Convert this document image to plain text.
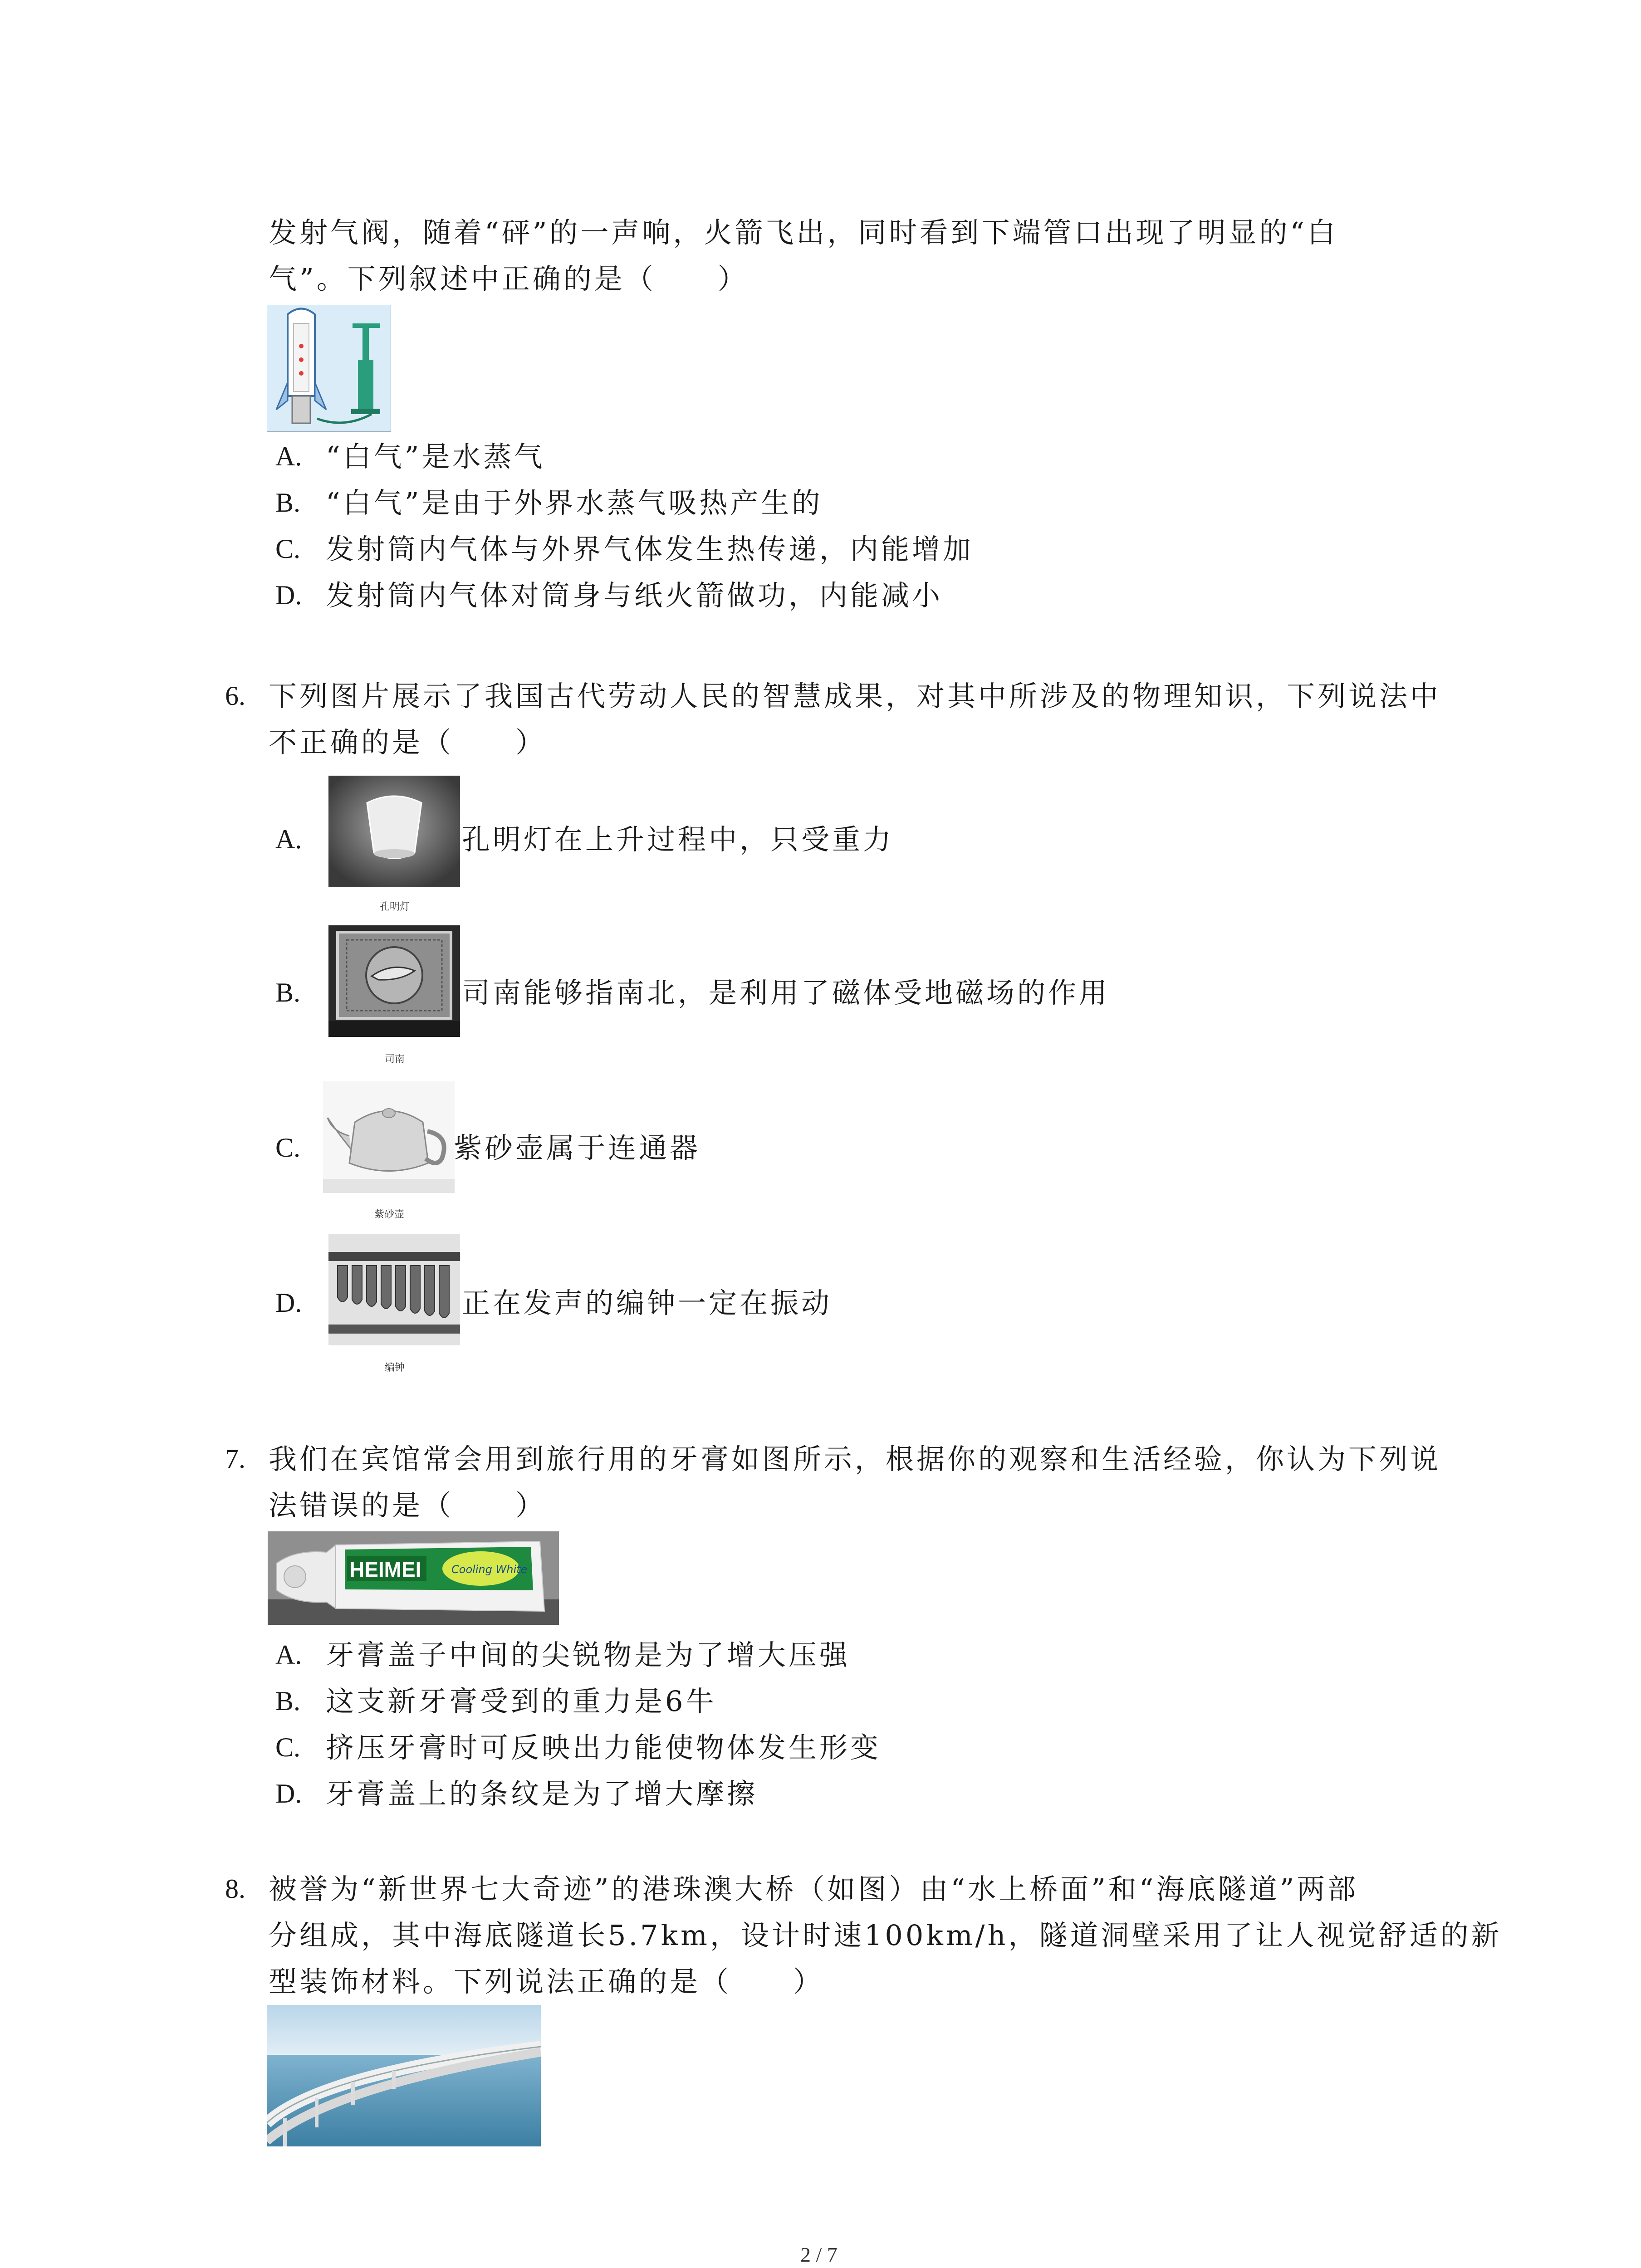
发射气阀，随着“砰”的一声响，火箭飞出，同时看到下端管口出现了明显的“白
气”。下列叙述中正确的是（　　）
A. “白气”是水蒸气
B. “白气”是由于外界水蒸气吸热产生的
C. 发射筒内气体与外界气体发生热传递，内能增加
D. 发射筒内气体对筒身与纸火箭做功，内能减小
6. 下列图片展示了我国古代劳动人民的智慧成果，对其中所涉及的物理知识，下列说法中
不正确的是（　　）
A.
孔明灯
孔明灯在上升过程中，只受重力
B.
司南
司南能够指南北，是利用了磁体受地磁场的作用
C.
紫砂壶
紫砂壶属于连通器
D.
编钟
正在发声的编钟一定在振动
7. 我们在宾馆常会用到旅行用的牙膏如图所示，根据你的观察和生活经验，你认为下列说
法错误的是（　　）
HEIMEI	Cooling White
A. 牙膏盖子中间的尖锐物是为了增大压强
B. 这支新牙膏受到的重力是6牛
C. 挤压牙膏时可反映出力能使物体发生形变
D. 牙膏盖上的条纹是为了增大摩擦
8. 被誉为“新世界七大奇迹”的港珠澳大桥（如图）由“水上桥面”和“海底隧道”两部
分组成，其中海底隧道长5.7km，设计时速100km/h，隧道洞壁采用了让人视觉舒适的新
型装饰材料。下列说法正确的是（　　）
2 / 7
